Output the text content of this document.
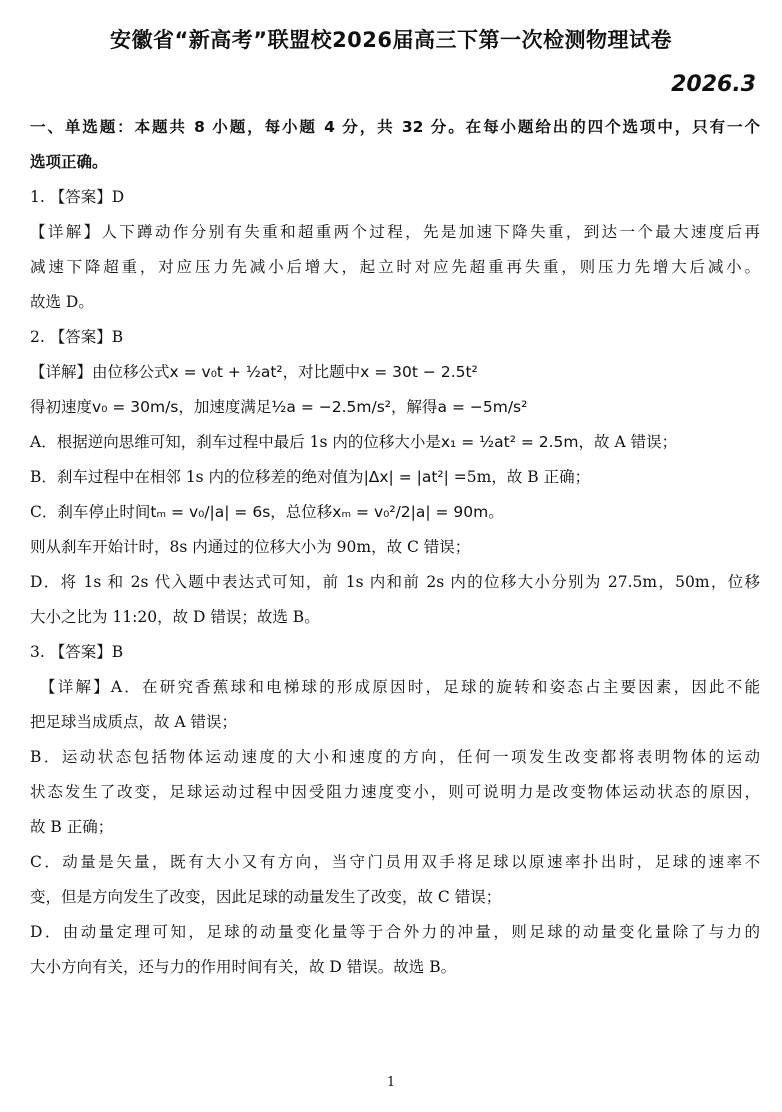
安徽省“新高考”联盟校2026届高三下第一次检测物理试卷
2026.3
一、单选题：本题共 8 小题，每小题 4 分，共 32 分。在每小题给出的四个选项中，只有一个
选项正确。
1. 【答案】D
【详解】人下蹲动作分别有失重和超重两个过程，先是加速下降失重，到达一个最大速度后再
减速下降超重，对应压力先减小后增大，起立时对应先超重再失重，则压力先增大后减小。
故选 D。
2. 【答案】B
【详解】由位移公式x = v₀t + ½at²，对比题中x = 30t − 2.5t²
得初速度v₀ = 30m/s，加速度满足½a = −2.5m/s²，解得a = −5m/s²
A．根据逆向思维可知，刹车过程中最后 1s 内的位移大小是x₁ = ½at² = 2.5m，故 A 错误；
B．刹车过程中在相邻 1s 内的位移差的绝对值为|Δx| = |at²| =5m，故 B 正确；
C．刹车停止时间tₘ = v₀/|a| = 6s，总位移xₘ = v₀²/2|a| = 90m。
则从刹车开始计时，8s 内通过的位移大小为 90m，故 C 错误；
D．将 1s 和 2s 代入题中表达式可知，前 1s 内和前 2s 内的位移大小分别为 27.5m，50m，位移
大小之比为 11:20，故 D 错误；故选 B。
3. 【答案】B
【详解】A．在研究香蕉球和电梯球的形成原因时，足球的旋转和姿态占主要因素，因此不能
把足球当成质点，故 A 错误；
B．运动状态包括物体运动速度的大小和速度的方向，任何一项发生改变都将表明物体的运动
状态发生了改变，足球运动过程中因受阻力速度变小，则可说明力是改变物体运动状态的原因，
故 B 正确；
C．动量是矢量，既有大小又有方向，当守门员用双手将足球以原速率扑出时，足球的速率不
变，但是方向发生了改变，因此足球的动量发生了改变，故 C 错误；
D．由动量定理可知，足球的动量变化量等于合外力的冲量，则足球的动量变化量除了与力的
大小方向有关，还与力的作用时间有关，故 D 错误。故选 B。
1
